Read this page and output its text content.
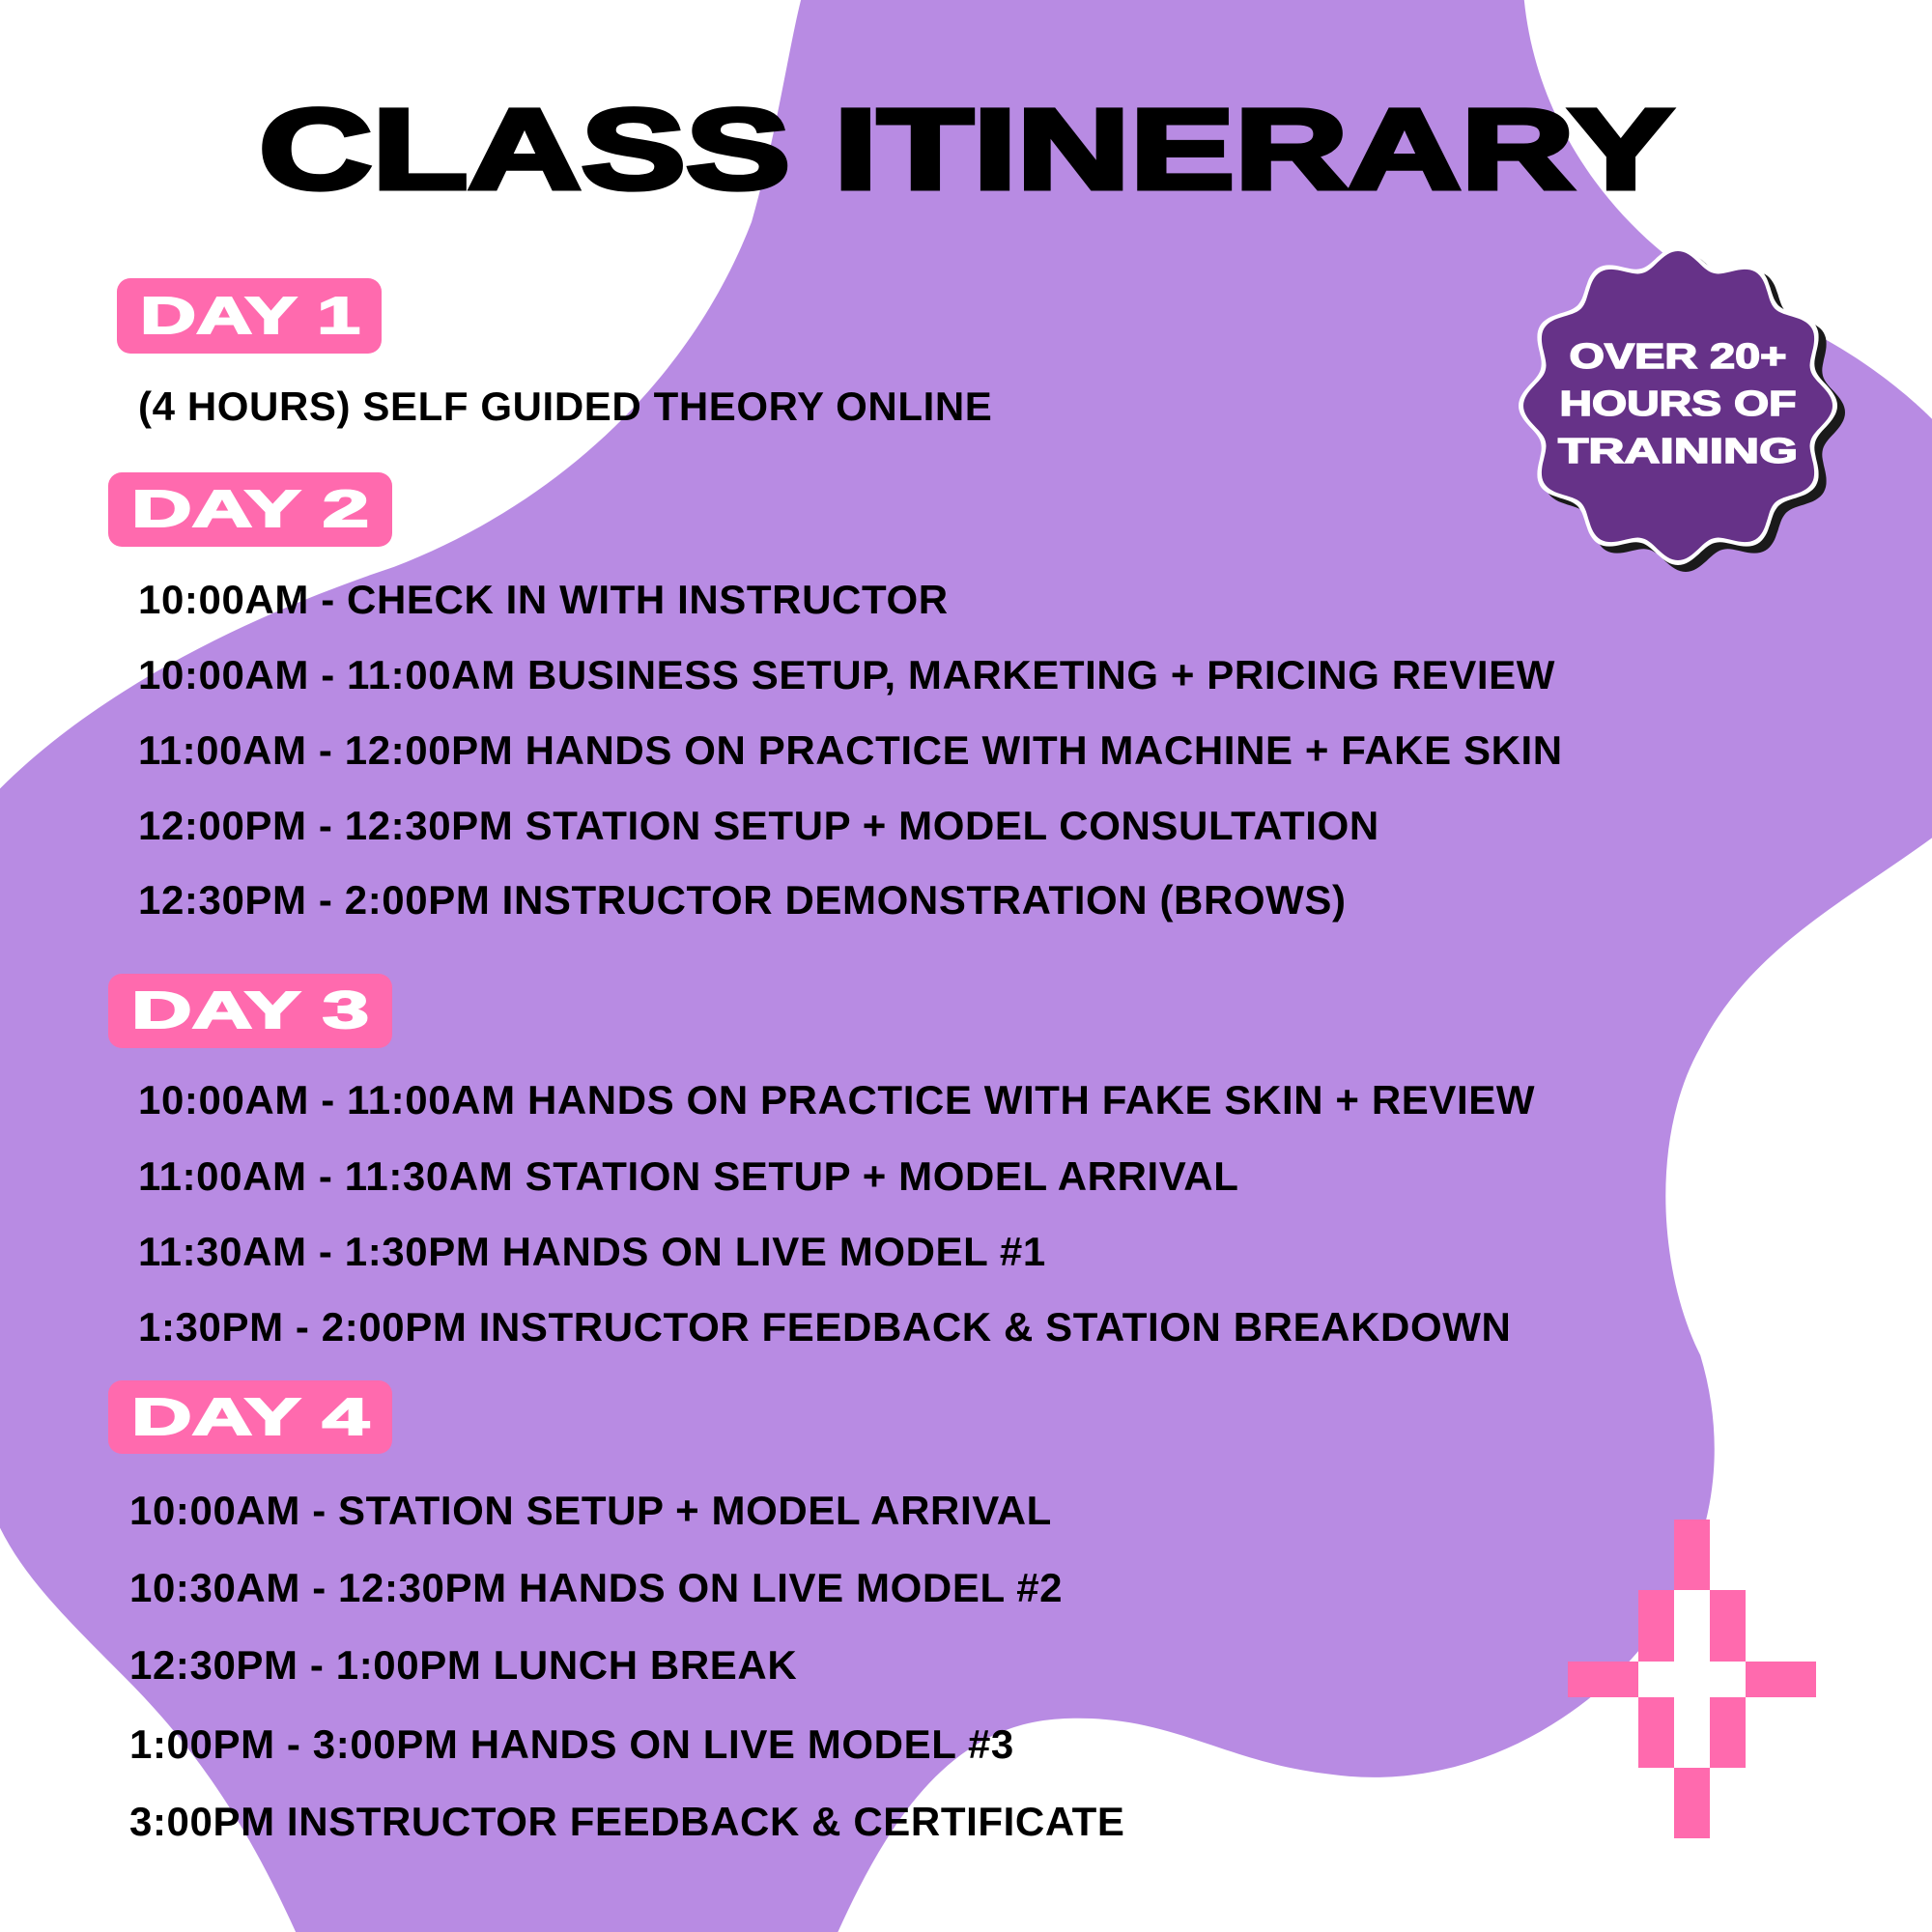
CLASS ITINERARY
OVER 20+
HOURS OF
TRAINING
DAY 1
DAY 2
DAY 3
DAY 4
(4 HOURS) SELF GUIDED THEORY ONLINE
10:00AM - CHECK IN WITH INSTRUCTOR
10:00AM - 11:00AM BUSINESS SETUP, MARKETING + PRICING REVIEW
11:00AM - 12:00PM HANDS ON PRACTICE WITH MACHINE + FAKE SKIN
12:00PM - 12:30PM STATION SETUP + MODEL CONSULTATION
12:30PM - 2:00PM INSTRUCTOR DEMONSTRATION (BROWS)
10:00AM - 11:00AM HANDS ON PRACTICE WITH FAKE SKIN + REVIEW
11:00AM - 11:30AM STATION SETUP + MODEL ARRIVAL
11:30AM - 1:30PM HANDS ON LIVE MODEL #1
1:30PM - 2:00PM INSTRUCTOR FEEDBACK & STATION BREAKDOWN
10:00AM - STATION SETUP + MODEL ARRIVAL
10:30AM - 12:30PM HANDS ON LIVE MODEL #2
12:30PM - 1:00PM LUNCH BREAK
1:00PM - 3:00PM HANDS ON LIVE MODEL #3
3:00PM INSTRUCTOR FEEDBACK & CERTIFICATE
